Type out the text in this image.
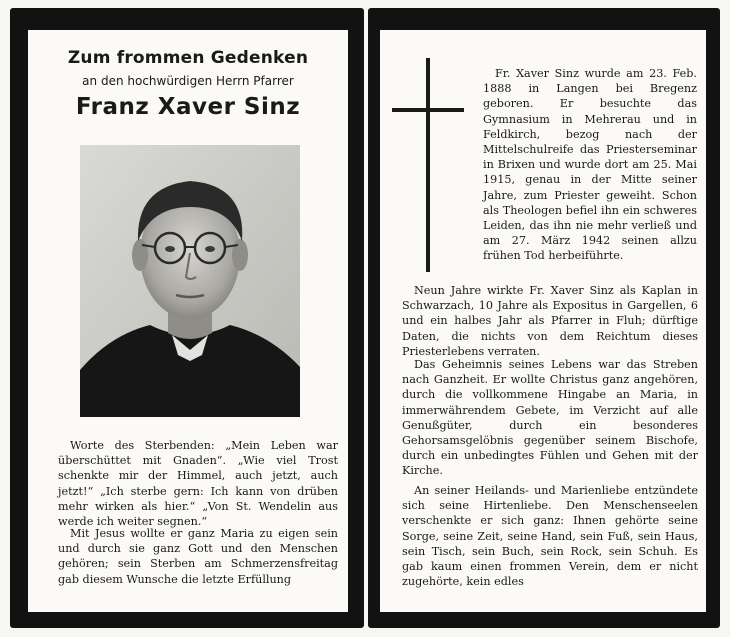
Zum frommen Gedenken
an den hochwürdigen Herrn Pfarrer
Franz Xaver Sinz

Worte des Sterbenden: „Mein Leben war überschüttet mit Gnaden“. „Wie viel Trost schenkte mir der Himmel, auch jetzt, auch jetzt!“ „Ich sterbe gern: Ich kann von drüben mehr wirken als hier.“ „Von St. Wendelin aus werde ich weiter segnen.“

Mit Jesus wollte er ganz Maria zu eigen sein und durch sie ganz Gott und den Menschen gehören; sein Sterben am Schmerzensfreitag gab diesem Wunsche die letzte Erfüllung

Fr. Xaver Sinz wurde am 23. Feb. 1888 in Langen bei Bregenz geboren. Er besuchte das Gymnasium in Mehrerau und in Feldkirch, bezog nach der Mittelschulreife das Priesterseminar in Brixen und wurde dort am 25. Mai 1915, genau in der Mitte seiner Jahre, zum Priester geweiht. Schon als Theologen befiel ihn ein schweres Leiden, das ihn nie mehr verließ und am 27. März 1942 seinen allzu frühen Tod herbeiführte.

Neun Jahre wirkte Fr. Xaver Sinz als Kaplan in Schwarzach, 10 Jahre als Expositus in Gargellen, 6 und ein halbes Jahr als Pfarrer in Fluh; dürftige Daten, die nichts von dem Reichtum dieses Priesterlebens verraten.

Das Geheimnis seines Lebens war das Streben nach Ganzheit. Er wollte Christus ganz angehören, durch die vollkommene Hingabe an Maria, in immerwährendem Gebete, im Verzicht auf alle Genußgüter, durch ein besonderes Gehorsamsgelöbnis gegenüber seinem Bischofe, durch ein unbedingtes Fühlen und Gehen mit der Kirche.

An seiner Heilands- und Marienliebe entzündete sich seine Hirtenliebe. Den Menschenseelen verschenkte er sich ganz: Ihnen gehörte seine Sorge, seine Zeit, seine Hand, sein Fuß, sein Haus, sein Tisch, sein Buch, sein Rock, sein Schuh. Es gab kaum einen frommen Verein, dem er nicht zugehörte, kein edles
